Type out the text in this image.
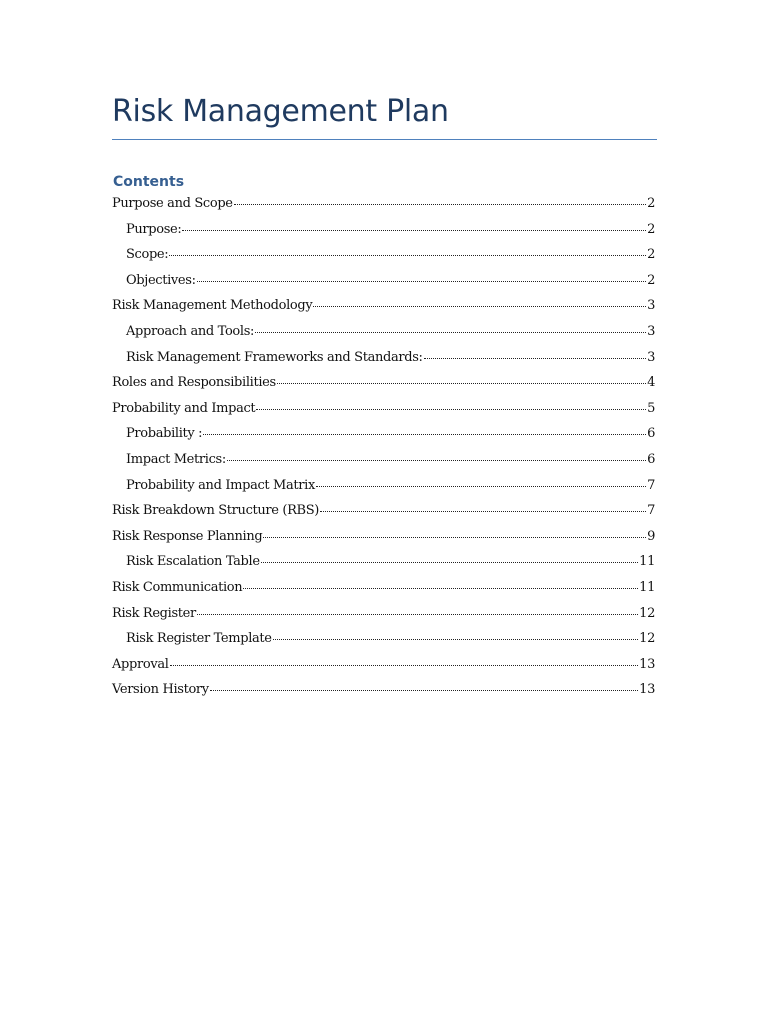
Risk Management Plan
Contents
Purpose and Scope	2
Purpose:	2
Scope:	2
Objectives:	2
Risk Management Methodology	3
Approach and Tools:	3
Risk Management Frameworks and Standards:	3
Roles and Responsibilities	4
Probability and Impact	5
Probability :	6
Impact Metrics:	6
Probability and Impact Matrix	7
Risk Breakdown Structure (RBS)	7
Risk Response Planning	9
Risk Escalation Table	11
Risk Communication	11
Risk Register	12
Risk Register Template	12
Approval	13
Version History	13
